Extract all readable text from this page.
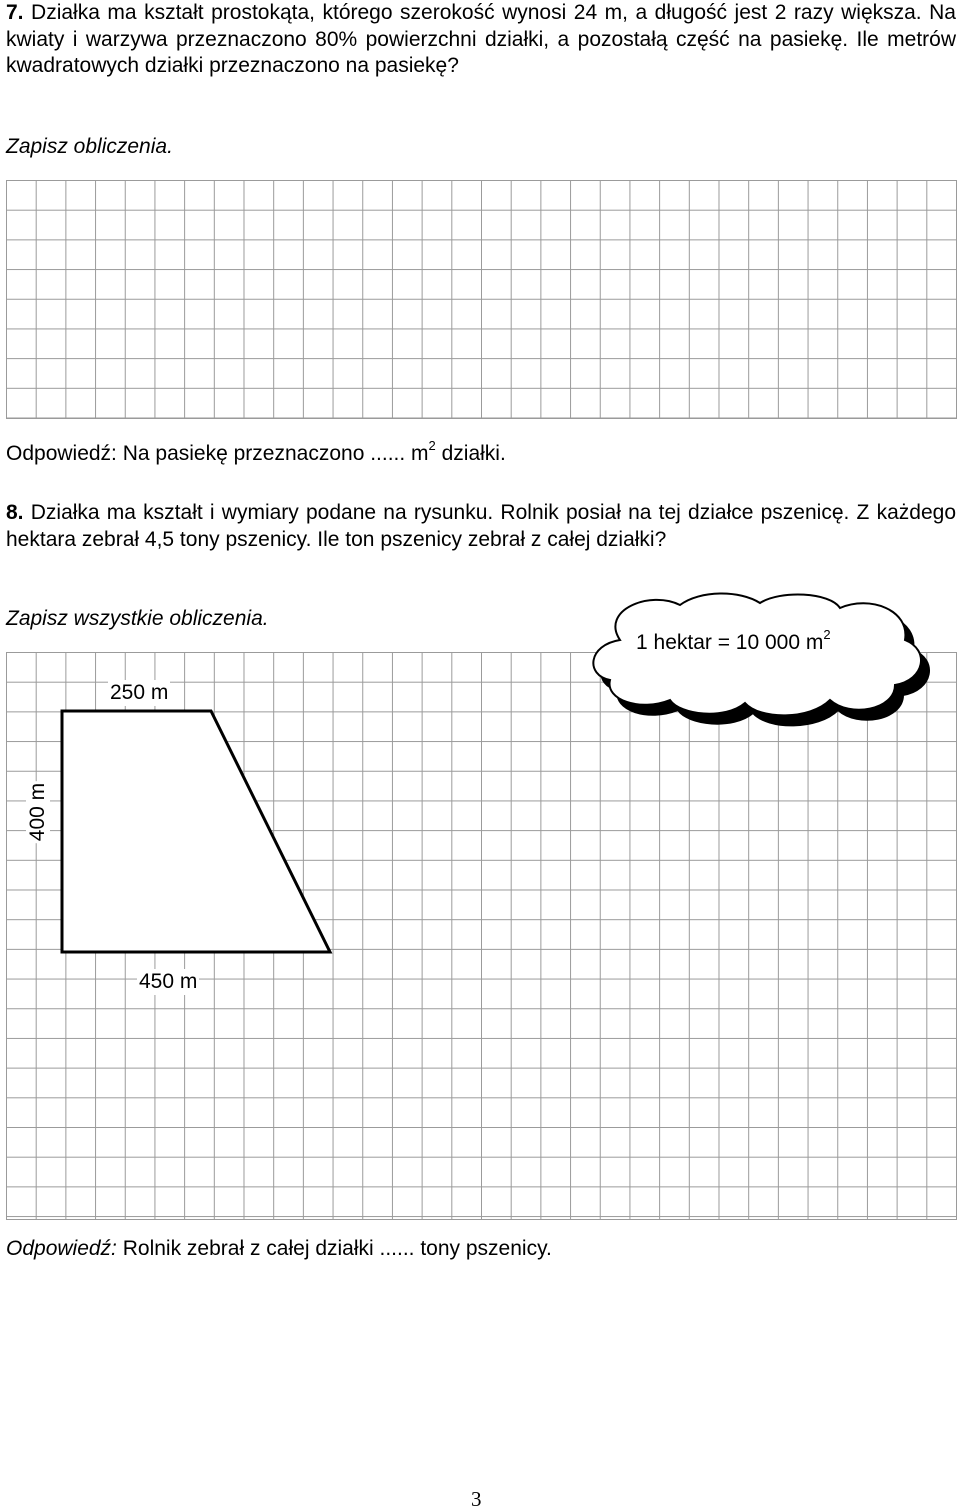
7. Działka ma kształt prostokąta, którego szerokość wynosi 24 m, a długość jest 2 razy większa. Na kwiaty i warzywa przeznaczono 80% powierzchni działki, a pozostałą część na pasiekę. Ile metrów kwadratowych działki przeznaczono na pasiekę?
Zapisz obliczenia.
Odpowiedź: Na pasiekę przeznaczono ...... $m^2$ działki.
8. Działka ma kształt i wymiary podane na rysunku. Rolnik posiał na tej działce pszenicę. Z każdego hektara zebrał 4,5 tony pszenicy. Ile ton pszenicy zebrał z całej działki?
Zapisz wszystkie obliczenia.
250 m
400 m
450 m
1 hektar = 10 000 $m^2$
Odpowiedź: Rolnik zebrał z całej działki ...... tony pszenicy.
3
